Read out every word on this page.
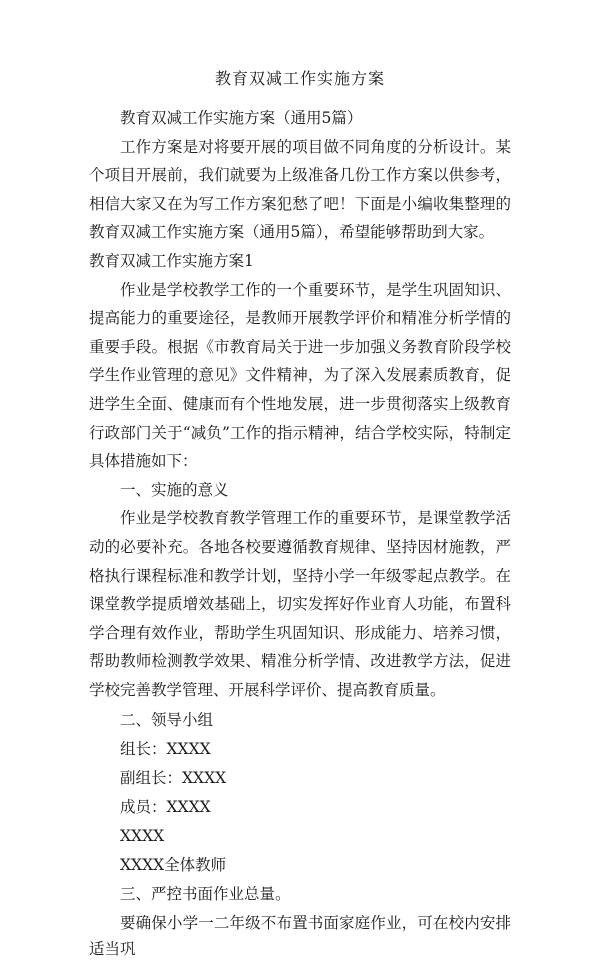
教育双减工作实施方案

教育双减工作实施方案（通用5篇）

工作方案是对将要开展的项目做不同角度的分析设计。某个项目开展前，我们就要为上级准备几份工作方案以供参考，相信大家又在为写工作方案犯愁了吧！下面是小编收集整理的教育双减工作实施方案（通用5篇），希望能够帮助到大家。

教育双减工作实施方案1

作业是学校教学工作的一个重要环节，是学生巩固知识、提高能力的重要途径，是教师开展教学评价和精准分析学情的重要手段。根据《市教育局关于进一步加强义务教育阶段学校学生作业管理的意见》文件精神，为了深入发展素质教育，促进学生全面、健康而有个性地发展，进一步贯彻落实上级教育行政部门关于“减负”工作的指示精神，结合学校实际，特制定具体措施如下：

一、实施的意义

作业是学校教育教学管理工作的重要环节，是课堂教学活动的必要补充。各地各校要遵循教育规律、坚持因材施教，严格执行课程标准和教学计划，坚持小学一年级零起点教学。在课堂教学提质增效基础上，切实发挥好作业育人功能，布置科学合理有效作业，帮助学生巩固知识、形成能力、培养习惯，帮助教师检测教学效果、精准分析学情、改进教学方法，促进学校完善教学管理、开展科学评价、提高教育质量。

二、领导小组

组长：XXXX

副组长：XXXX

成员：XXXX

XXXX

XXXX全体教师

三、严控书面作业总量。

要确保小学一二年级不布置书面家庭作业，可在校内安排适当巩
